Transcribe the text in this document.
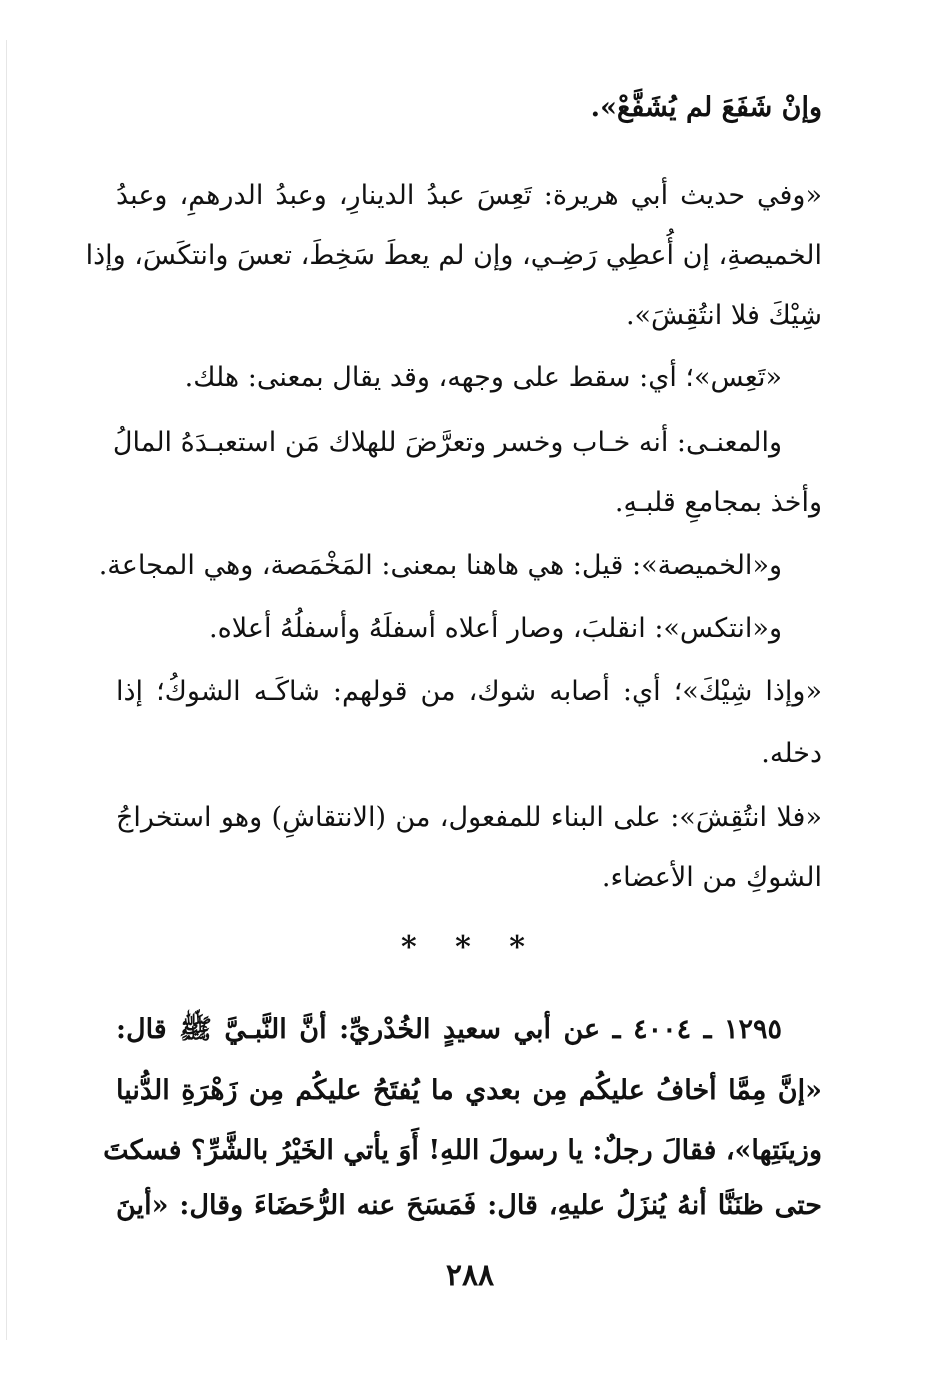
وإنْ شَفَعَ لم يُشَفَّعْ».
«وفي حديث أبي هريرة: تَعِسَ عبدُ الدينارِ، وعبدُ الدرهمِ، وعبدُ
الخميصةِ، إن أُعطِي رَضِـي، وإن لم يعطَ سَخِطَ، تعسَ وانتكَسَ، وإذا
شِيْكَ فلا انتُقِشَ».
«تَعِس»؛ أي: سقط على وجهه، وقد يقال بمعنى: هلك.
والمعنـى: أنه خـاب وخسر وتعرَّضَ للهلاك مَن استعبـدَهُ المالُ
وأخذ بمجامعِ قلبـهِ.
و«الخميصة»: قيل: هي هاهنا بمعنى: المَخْمَصة، وهي المجاعة.
و«انتكس»: انقلبَ، وصار أعلاه أسفلَهُ وأسفلُهُ أعلاه.
«وإذا شِيْكَ»؛ أي: أصابه شوك، من قولهم: شاكَـه الشوكُ؛ إذا
دخله.
«فلا انتُقِشَ»: على البناء للمفعول، من (الانتقاشِ) وهو استخراجُ
الشوكِ من الأعضاء.
* * *
١٢٩٥ ـ ٤٠٠٤ ـ عن أبي سعيدٍ الخُدْريِّ: أنَّ النَّبـيَّ ﷺ قال:
«إنَّ مِمَّا أخافُ عليكُم مِن بعدي ما يُفتَحُ عليكُم مِن زَهْرَةِ الدُّنيا
وزينَتِها»، فقالَ رجلٌ: يا رسولَ اللهِ! أَوَ يأتي الخَيْرُ بالشَّرِّ؟ فسكتَ
حتى ظنَنَّا أنهُ يُنزَلُ عليهِ، قال: فَمَسَحَ عنه الرُّحَضَاءَ وقال: «أينَ
٢٨٨
